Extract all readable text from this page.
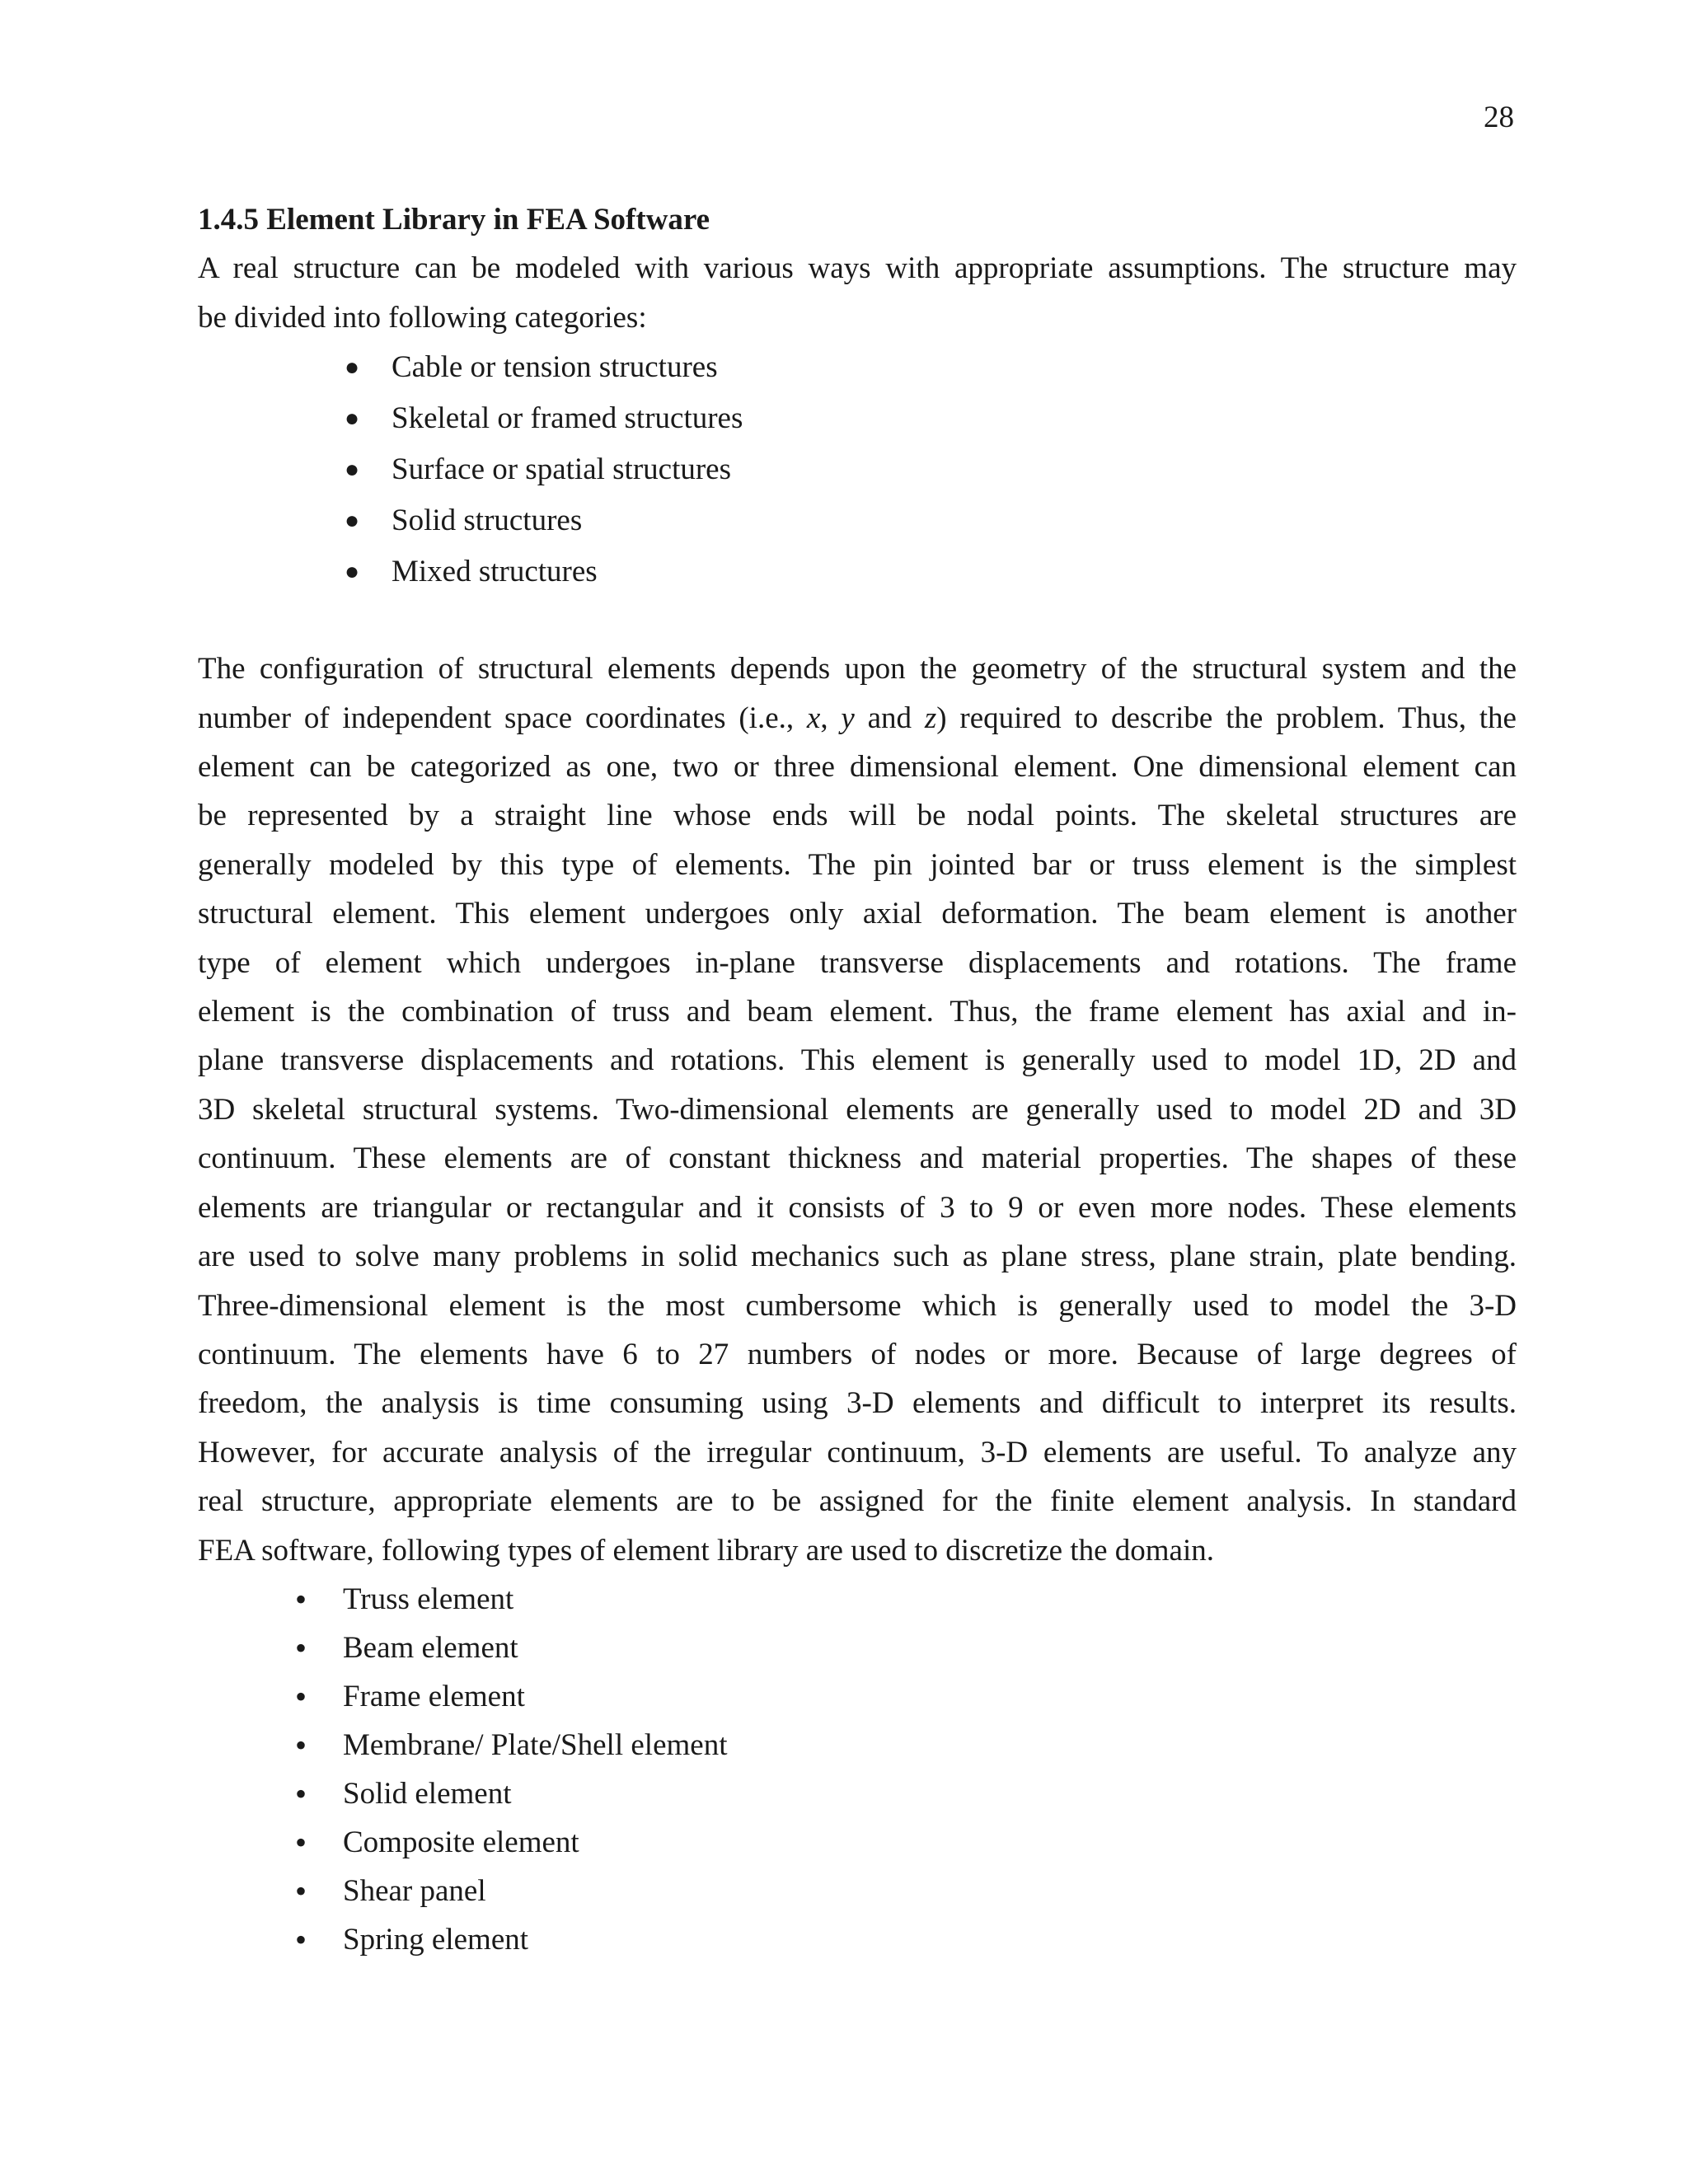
28

1.4.5 Element Library in FEA Software

A real structure can be modeled with various ways with appropriate assumptions. The structure may
be divided into following categories:

● Cable or tension structures
● Skeletal or framed structures
● Surface or spatial structures
● Solid structures
● Mixed structures

The configuration of structural elements depends upon the geometry of the structural system and the
number of independent space coordinates (i.e., x, y and z) required to describe the problem. Thus, the
element can be categorized as one, two or three dimensional element. One dimensional element can
be represented by a straight line whose ends will be nodal points. The skeletal structures are
generally modeled by this type of elements. The pin jointed bar or truss element is the simplest
structural element. This element undergoes only axial deformation. The beam element is another
type of element which undergoes in-plane transverse displacements and rotations. The frame
element is the combination of truss and beam element. Thus, the frame element has axial and in-
plane transverse displacements and rotations. This element is generally used to model 1D, 2D and
3D skeletal structural systems. Two-dimensional elements are generally used to model 2D and 3D
continuum. These elements are of constant thickness and material properties. The shapes of these
elements are triangular or rectangular and it consists of 3 to 9 or even more nodes. These elements
are used to solve many problems in solid mechanics such as plane stress, plane strain, plate bending.
Three-dimensional element is the most cumbersome which is generally used to model the 3-D
continuum. The elements have 6 to 27 numbers of nodes or more. Because of large degrees of
freedom, the analysis is time consuming using 3-D elements and difficult to interpret its results.
However, for accurate analysis of the irregular continuum, 3-D elements are useful. To analyze any
real structure, appropriate elements are to be assigned for the finite element analysis. In standard
FEA software, following types of element library are used to discretize the domain.

• Truss element
• Beam element
• Frame element
• Membrane/ Plate/Shell element
• Solid element
• Composite element
• Shear panel
• Spring element
